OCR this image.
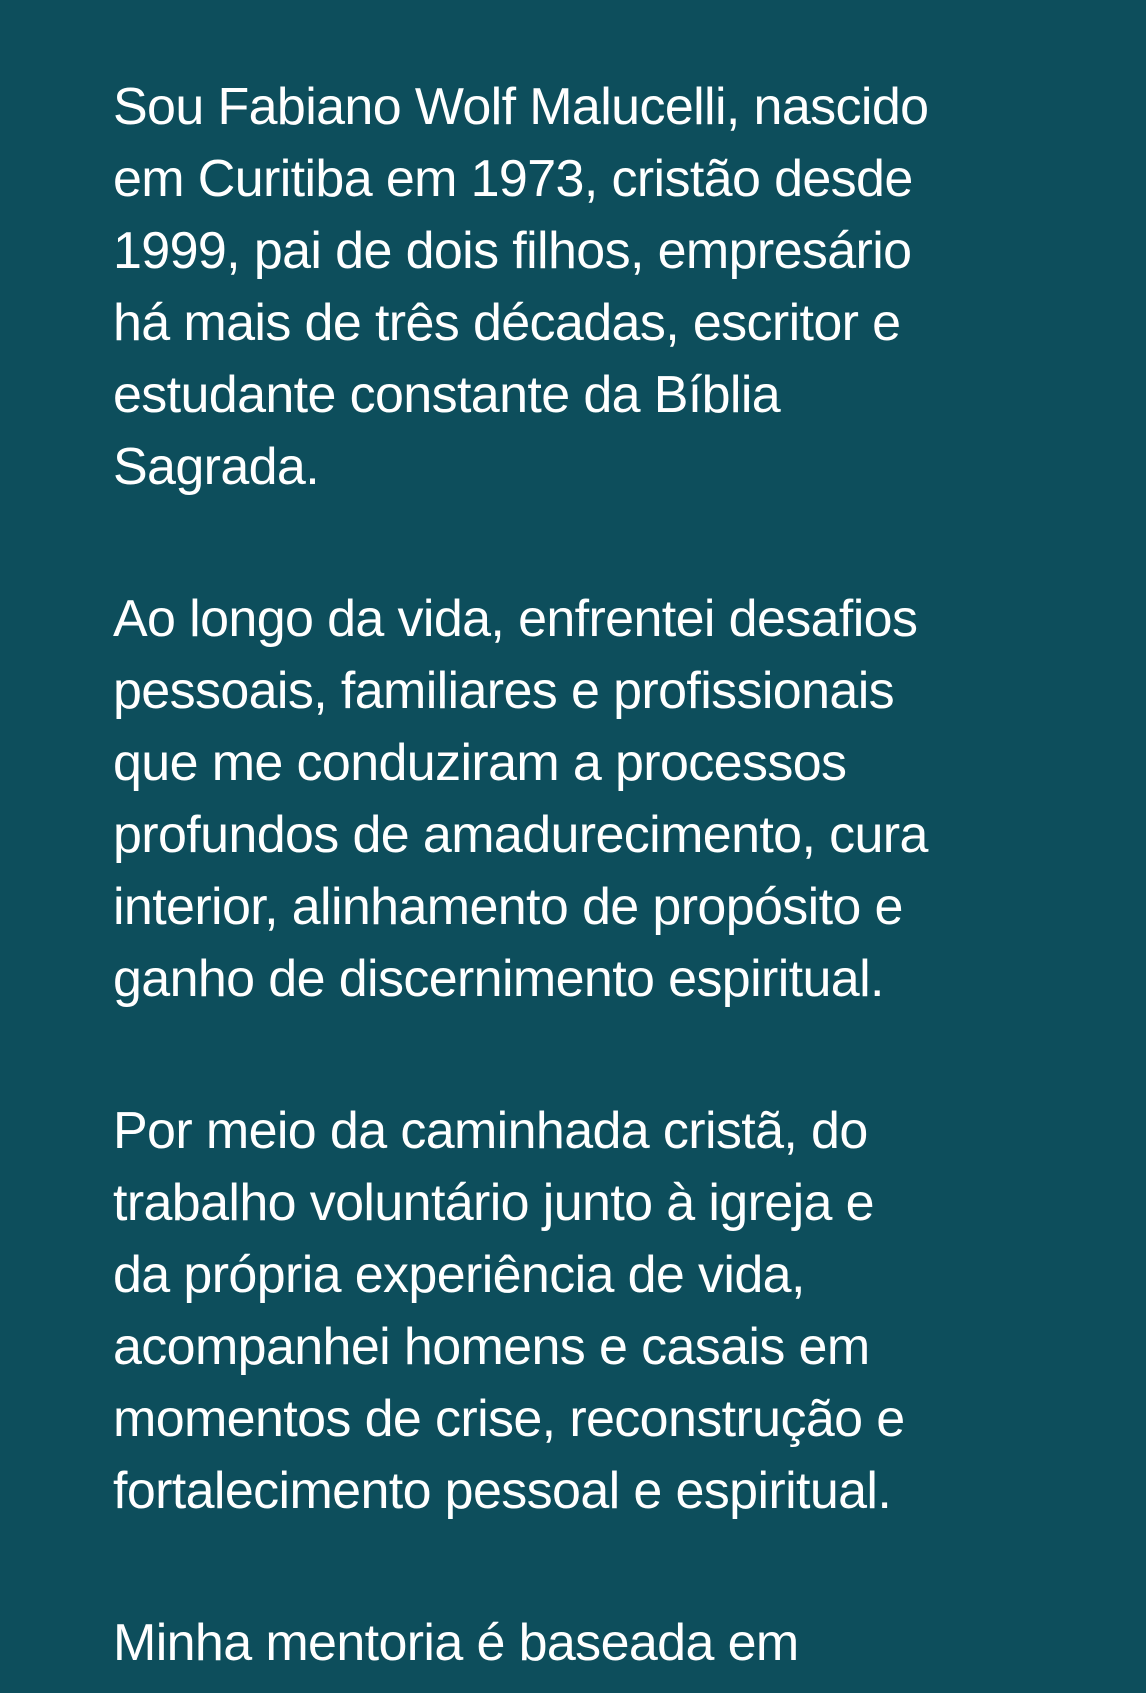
Sou Fabiano Wolf Malucelli, nascido
em Curitiba em 1973, cristão desde
1999, pai de dois filhos, empresário
há mais de três décadas, escritor e
estudante constante da Bíblia
Sagrada.
Ao longo da vida, enfrentei desafios
pessoais, familiares e profissionais
que me conduziram a processos
profundos de amadurecimento, cura
interior, alinhamento de propósito e
ganho de discernimento espiritual.
Por meio da caminhada cristã, do
trabalho voluntário junto à igreja e
da própria experiência de vida,
acompanhei homens e casais em
momentos de crise, reconstrução e
fortalecimento pessoal e espiritual.
Minha mentoria é baseada em
